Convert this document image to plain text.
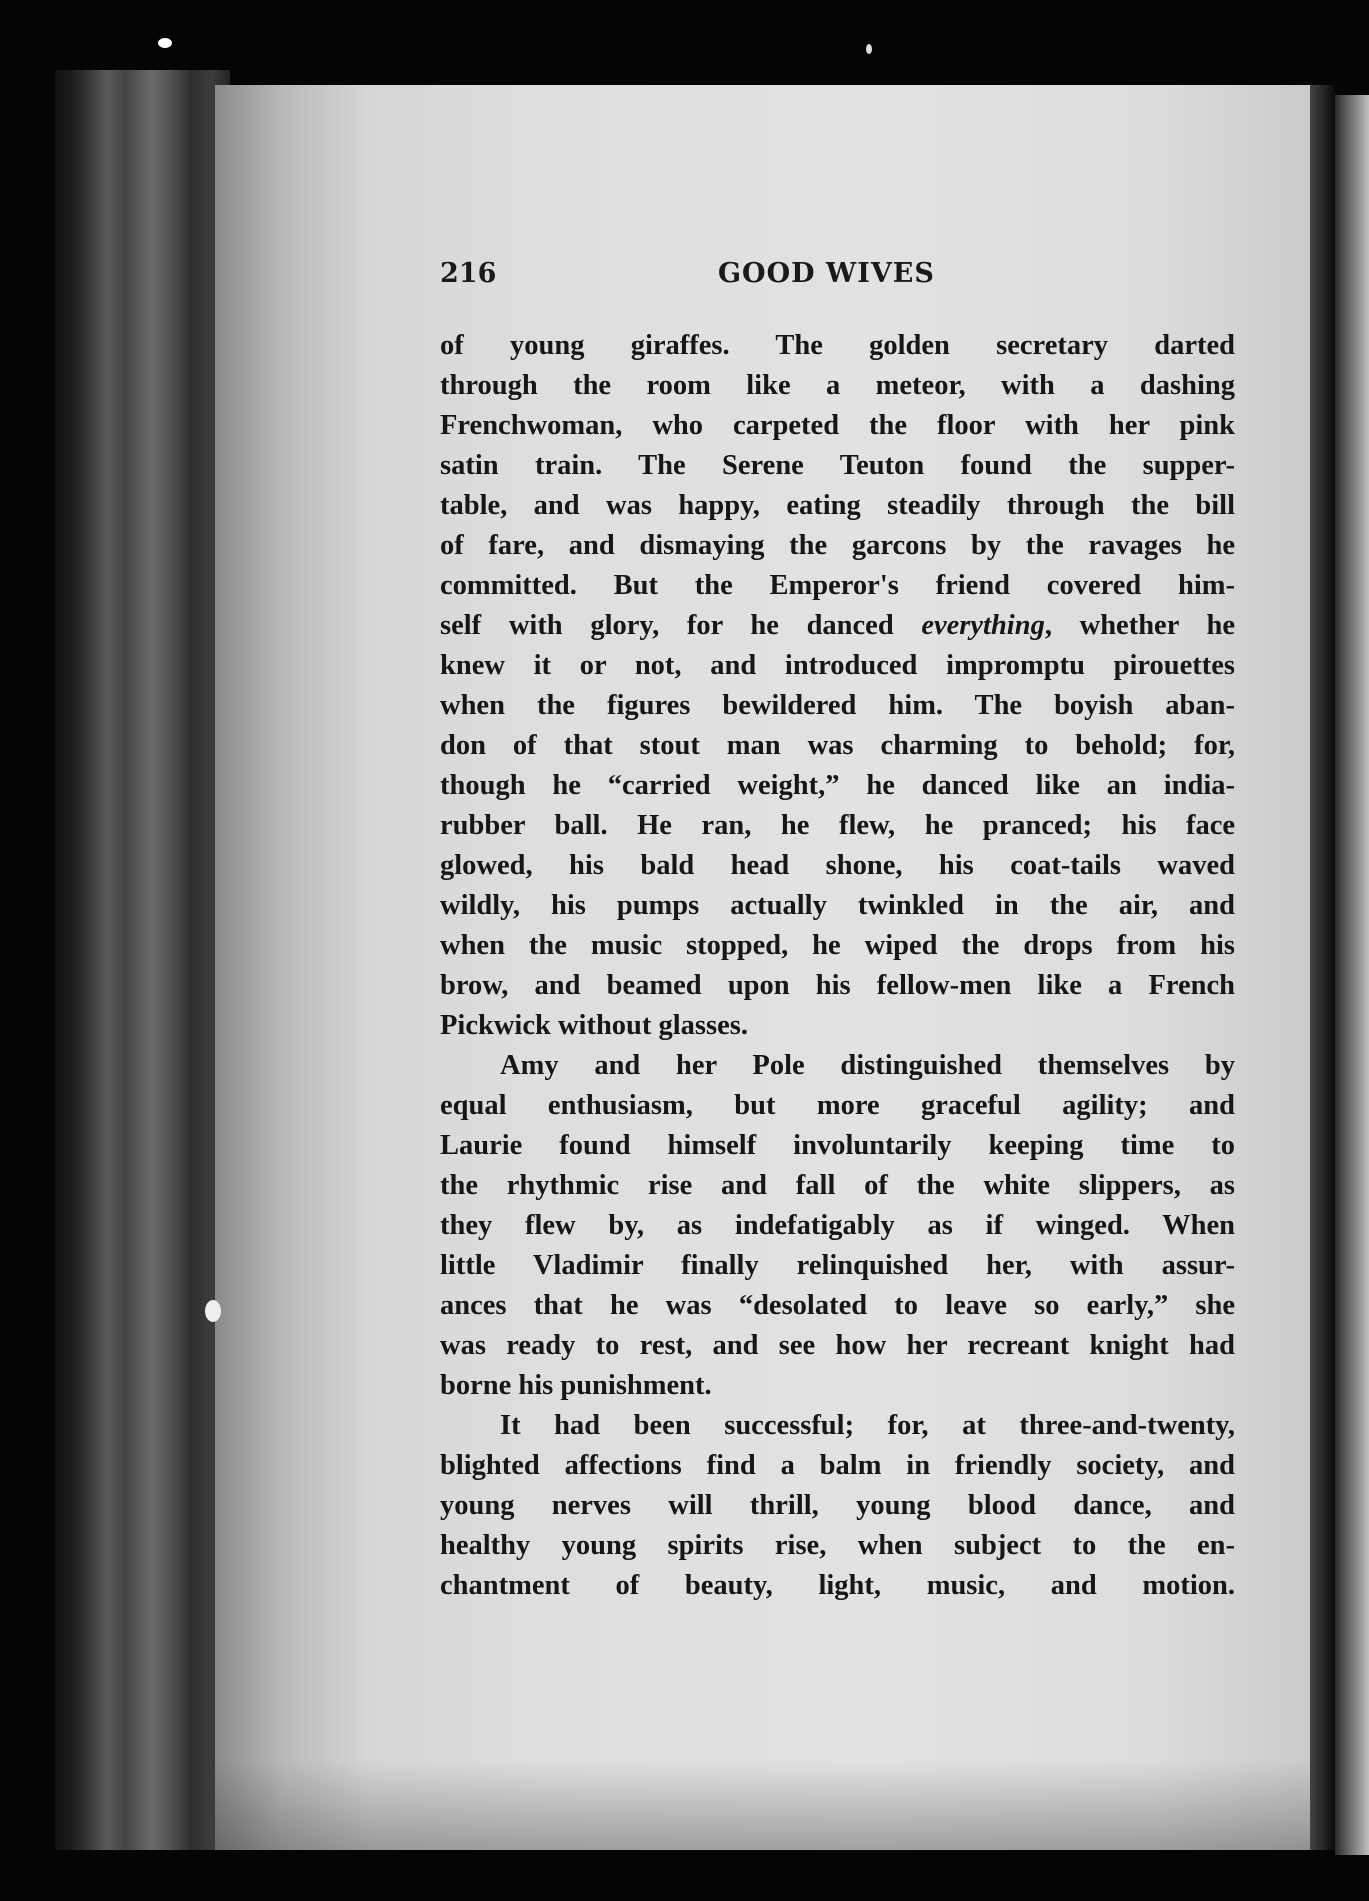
216	GOOD WIVES

of young giraffes. The golden secretary darted
through the room like a meteor, with a dashing
Frenchwoman, who carpeted the floor with her pink
satin train. The Serene Teuton found the supper-
table, and was happy, eating steadily through the bill
of fare, and dismaying the garcons by the ravages he
committed. But the Emperor's friend covered him-
self with glory, for he danced everything, whether he
knew it or not, and introduced impromptu pirouettes
when the figures bewildered him. The boyish aban-
don of that stout man was charming to behold; for,
though he “carried weight,” he danced like an india-
rubber ball. He ran, he flew, he pranced; his face
glowed, his bald head shone, his coat-tails waved
wildly, his pumps actually twinkled in the air, and
when the music stopped, he wiped the drops from his
brow, and beamed upon his fellow-men like a French
Pickwick without glasses.

Amy and her Pole distinguished themselves by
equal enthusiasm, but more graceful agility; and
Laurie found himself involuntarily keeping time to
the rhythmic rise and fall of the white slippers, as
they flew by, as indefatigably as if winged. When
little Vladimir finally relinquished her, with assur-
ances that he was “desolated to leave so early,” she
was ready to rest, and see how her recreant knight had
borne his punishment.

It had been successful; for, at three-and-twenty,
blighted affections find a balm in friendly society, and
young nerves will thrill, young blood dance, and
healthy young spirits rise, when subject to the en-
chantment of beauty, light, music, and motion.
